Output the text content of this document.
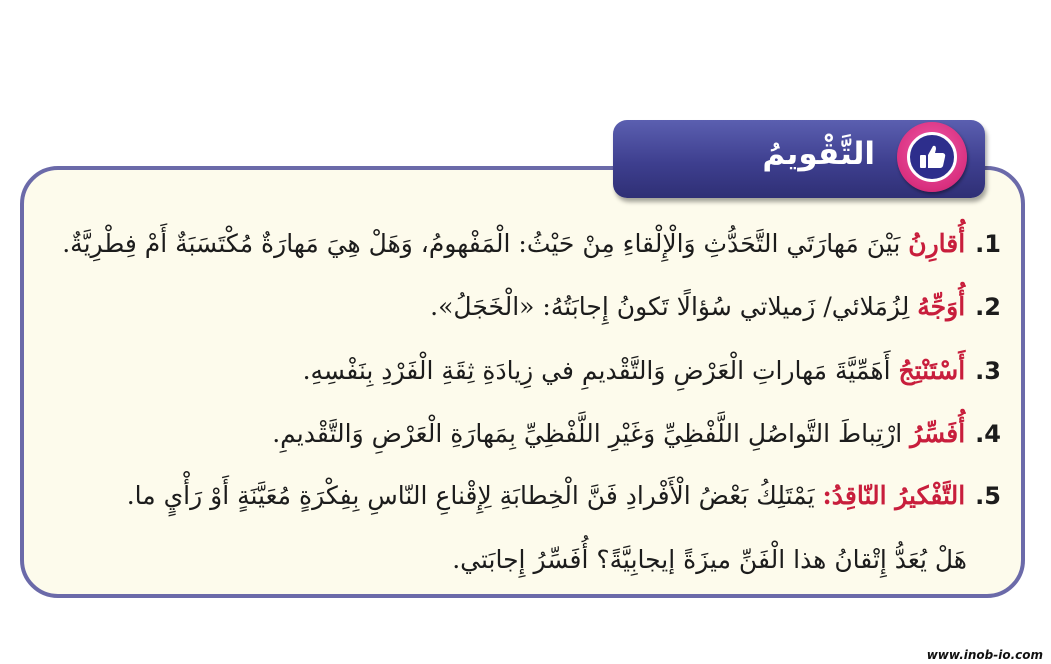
التَّقْويمُ
1.أُقارِنُ بَيْنَ مَهارَتَي التَّحَدُّثِ وَالْإِلْقاءِ مِنْ حَيْثُ: الْمَفْهومُ، وَهَلْ هِيَ مَهارَةٌ مُكْتَسَبَةٌ أَمْ فِطْرِيَّةٌ.
2.أُوَجِّهُ لِزُمَلائي/ زَميلاتي سُؤالًا تَكونُ إِجابَتُهُ: «الْخَجَلُ».
3.أَسْتَنْتِجُ أَهَمِّيَّةَ مَهاراتِ الْعَرْضِ وَالتَّقْديمِ في زِيادَةِ ثِقَةِ الْفَرْدِ بِنَفْسِهِ.
4.أُفَسِّرُ ارْتِباطَ التَّواصُلِ اللَّفْظِيِّ وَغَيْرِ اللَّفْظِيِّ بِمَهارَةِ الْعَرْضِ وَالتَّقْديمِ.
5.التَّفْكيرُ النّاقِدُ: يَمْتَلِكُ بَعْضُ الْأَفْرادِ فَنَّ الْخِطابَةِ لِإِقْناعِ النّاسِ بِفِكْرَةٍ مُعَيَّنَةٍ أَوْ رَأْيٍ ما.
هَلْ يُعَدُّ إِتْقانُ هذا الْفَنِّ ميزَةً إيجابِيَّةً؟ أُفَسِّرُ إِجابَتي.
www.inob-io.com
